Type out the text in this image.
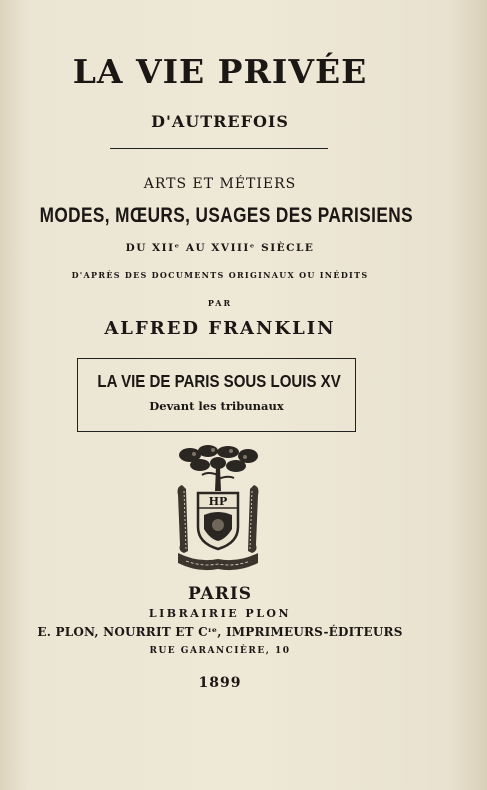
LA VIE PRIVÉE
D'AUTREFOIS
ARTS ET MÉTIERS
MODES, MŒURS, USAGES DES PARISIENS
DU XIIᵉ AU XVIIIᵉ SIÈCLE
D'APRÈS DES DOCUMENTS ORIGINAUX OU INÉDITS
PAR
ALFRED FRANKLIN
LA VIE DE PARIS SOUS LOUIS XV
Devant les tribunaux
HP
PARIS
LIBRAIRIE PLON
E. PLON, NOURRIT ET Cᶦᵉ, IMPRIMEURS-ÉDITEURS
RUE GARANCIÈRE, 10
1899
